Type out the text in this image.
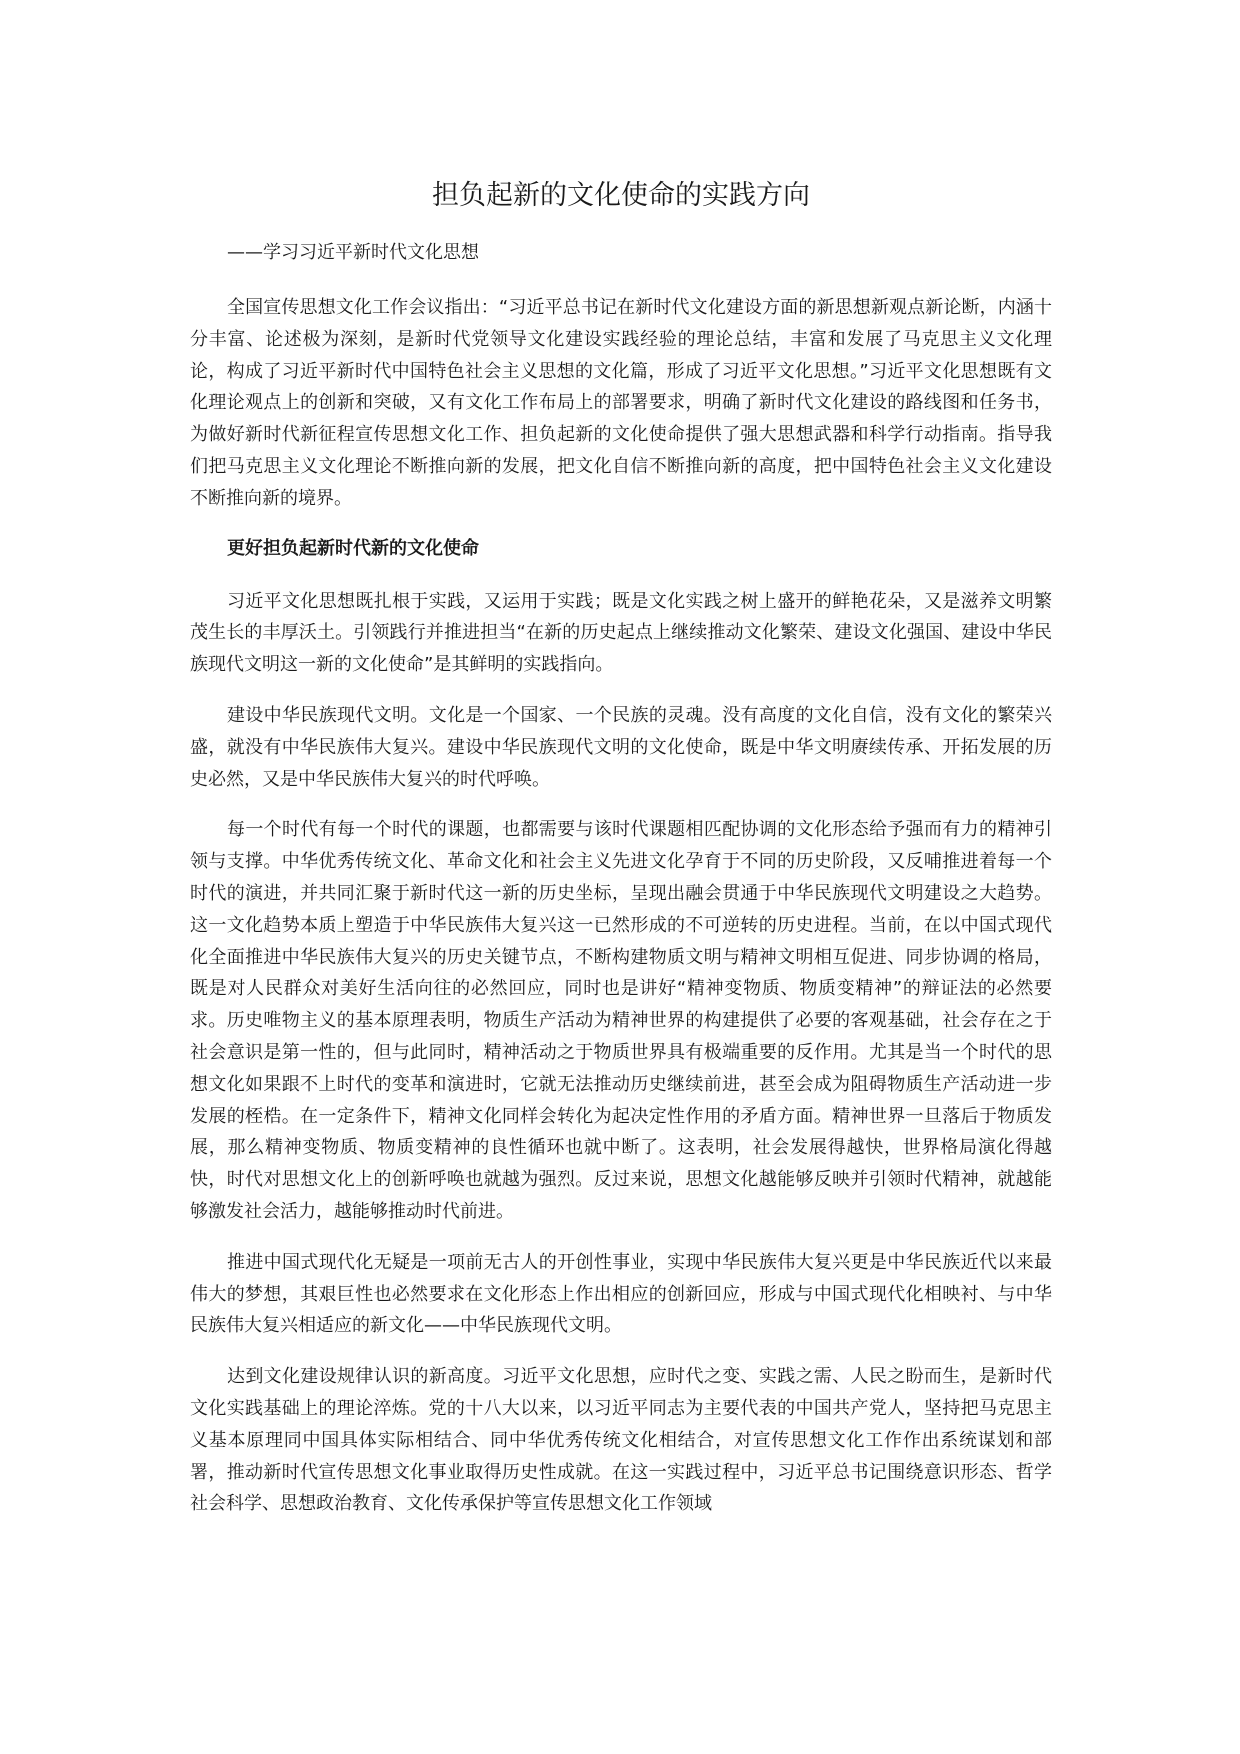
担负起新的文化使命的实践方向
——学习习近平新时代文化思想

全国宣传思想文化工作会议指出：“习近平总书记在新时代文化建设方面的新思想新观点新论断，内涵十分丰富、论述极为深刻，是新时代党领导文化建设实践经验的理论总结，丰富和发展了马克思主义文化理论，构成了习近平新时代中国特色社会主义思想的文化篇，形成了习近平文化思想。”习近平文化思想既有文化理论观点上的创新和突破，又有文化工作布局上的部署要求，明确了新时代文化建设的路线图和任务书，为做好新时代新征程宣传思想文化工作、担负起新的文化使命提供了强大思想武器和科学行动指南。指导我们把马克思主义文化理论不断推向新的发展，把文化自信不断推向新的高度，把中国特色社会主义文化建设不断推向新的境界。

更好担负起新时代新的文化使命

习近平文化思想既扎根于实践，又运用于实践；既是文化实践之树上盛开的鲜艳花朵，又是滋养文明繁茂生长的丰厚沃土。引领践行并推进担当“在新的历史起点上继续推动文化繁荣、建设文化强国、建设中华民族现代文明这一新的文化使命”是其鲜明的实践指向。

建设中华民族现代文明。文化是一个国家、一个民族的灵魂。没有高度的文化自信，没有文化的繁荣兴盛，就没有中华民族伟大复兴。建设中华民族现代文明的文化使命，既是中华文明赓续传承、开拓发展的历史必然，又是中华民族伟大复兴的时代呼唤。

每一个时代有每一个时代的课题，也都需要与该时代课题相匹配协调的文化形态给予强而有力的精神引领与支撑。中华优秀传统文化、革命文化和社会主义先进文化孕育于不同的历史阶段，又反哺推进着每一个时代的演进，并共同汇聚于新时代这一新的历史坐标，呈现出融会贯通于中华民族现代文明建设之大趋势。这一文化趋势本质上塑造于中华民族伟大复兴这一已然形成的不可逆转的历史进程。当前，在以中国式现代化全面推进中华民族伟大复兴的历史关键节点，不断构建物质文明与精神文明相互促进、同步协调的格局，既是对人民群众对美好生活向往的必然回应，同时也是讲好“精神变物质、物质变精神”的辩证法的必然要求。历史唯物主义的基本原理表明，物质生产活动为精神世界的构建提供了必要的客观基础，社会存在之于社会意识是第一性的，但与此同时，精神活动之于物质世界具有极端重要的反作用。尤其是当一个时代的思想文化如果跟不上时代的变革和演进时，它就无法推动历史继续前进，甚至会成为阻碍物质生产活动进一步发展的桎梏。在一定条件下，精神文化同样会转化为起决定性作用的矛盾方面。精神世界一旦落后于物质发展，那么精神变物质、物质变精神的良性循环也就中断了。这表明，社会发展得越快，世界格局演化得越快，时代对思想文化上的创新呼唤也就越为强烈。反过来说，思想文化越能够反映并引领时代精神，就越能够激发社会活力，越能够推动时代前进。

推进中国式现代化无疑是一项前无古人的开创性事业，实现中华民族伟大复兴更是中华民族近代以来最伟大的梦想，其艰巨性也必然要求在文化形态上作出相应的创新回应，形成与中国式现代化相映衬、与中华民族伟大复兴相适应的新文化——中华民族现代文明。

达到文化建设规律认识的新高度。习近平文化思想，应时代之变、实践之需、人民之盼而生，是新时代文化实践基础上的理论淬炼。党的十八大以来，以习近平同志为主要代表的中国共产党人，坚持把马克思主义基本原理同中国具体实际相结合、同中华优秀传统文化相结合，对宣传思想文化工作作出系统谋划和部署，推动新时代宣传思想文化事业取得历史性成就。在这一实践过程中，习近平总书记围绕意识形态、哲学社会科学、思想政治教育、文化传承保护等宣传思想文化工作领域
